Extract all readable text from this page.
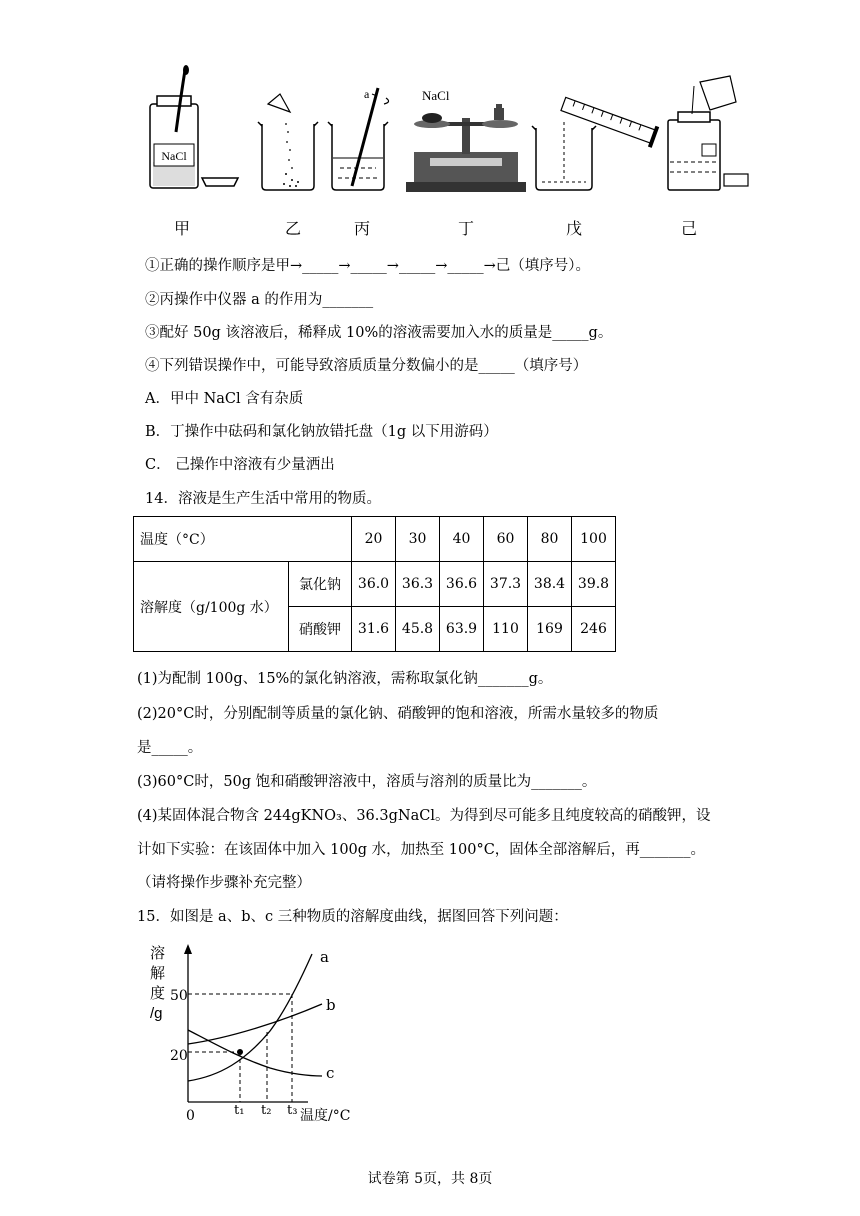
NaCl
a	NaCl
甲	乙	丙	丁	戊	己
①正确的操作顺序是甲→_____→_____→_____→_____→己（填序号）。
②丙操作中仪器 a 的作用为_______
③配好 50g 该溶液后，稀释成 10%的溶液需要加入水的质量是_____g。
④下列错误操作中，可能导致溶质质量分数偏小的是_____（填序号）
A．甲中 NaCl 含有杂质
B．丁操作中砝码和氯化钠放错托盘（1g 以下用游码）
C． 己操作中溶液有少量洒出
14．溶液是生产生活中常用的物质。
温度（°C）		20	30	40	60	80	100
溶解度（g/100g 水）	氯化钠	36.0	36.3	36.6	37.3	38.4	39.8
	硝酸钾	31.6	45.8	63.9	110	169	246
(1)为配制 100g、15%的氯化钠溶液，需称取氯化钠_______g。
(2)20°C时，分别配制等质量的氯化钠、硝酸钾的饱和溶液，所需水量较多的物质
是_____。
(3)60°C时，50g 饱和硝酸钾溶液中，溶质与溶剂的质量比为_______。
(4)某固体混合物含 244gKNO₃、36.3gNaCl。为得到尽可能多且纯度较高的硝酸钾，设
计如下实验：在该固体中加入 100g 水，加热至 100°C，固体全部溶解后，再_______。
（请将操作步骤补充完整）
15．如图是 a、b、c 三种物质的溶解度曲线，据图回答下列问题：
溶
解
度
/g
50
20
0	t₁ t₂ t₃ 温度/°C
a
b
c
试卷第 5页，共 8页
